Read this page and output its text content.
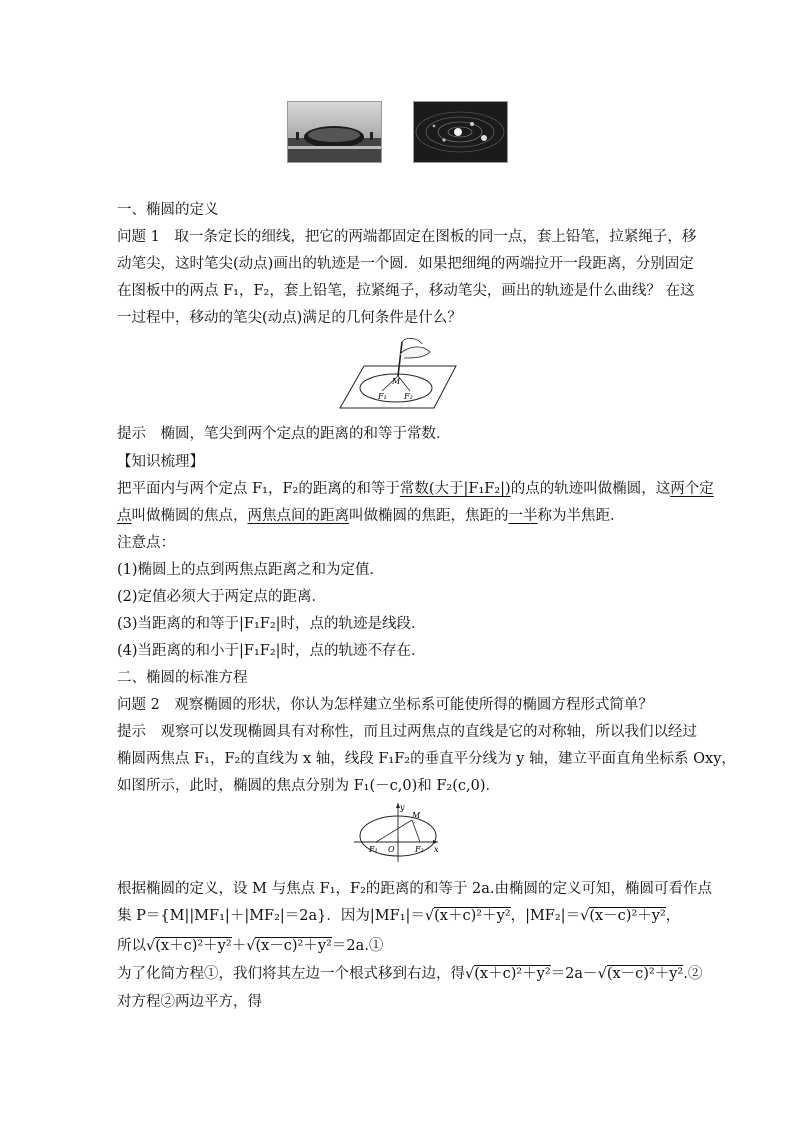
一、椭圆的定义
问题 1　取一条定长的细线，把它的两端都固定在图板的同一点，套上铅笔，拉紧绳子，移
动笔尖，这时笔尖(动点)画出的轨迹是一个圆．如果把细绳的两端拉开一段距离，分别固定
在图板中的两点 F₁，F₂，套上铅笔，拉紧绳子，移动笔尖，画出的轨迹是什么曲线？ 在这
一过程中，移动的笔尖(动点)满足的几何条件是什么？
M
F₁ F₂
提示　椭圆，笔尖到两个定点的距离的和等于常数．
【知识梳理】
把平面内与两个定点 F₁，F₂的距离的和等于常数(大于|F₁F₂|)的点的轨迹叫做椭圆，这两个定
点叫做椭圆的焦点，两焦点间的距离叫做椭圆的焦距，焦距的一半称为半焦距．
注意点：
(1)椭圆上的点到两焦点距离之和为定值．
(2)定值必须大于两定点的距离．
(3)当距离的和等于|F₁F₂|时，点的轨迹是线段．
(4)当距离的和小于|F₁F₂|时，点的轨迹不存在．
二、椭圆的标准方程
问题 2　观察椭圆的形状，你认为怎样建立坐标系可能使所得的椭圆方程形式简单？
提示　观察可以发现椭圆具有对称性，而且过两焦点的直线是它的对称轴，所以我们以经过
椭圆两焦点 F₁，F₂的直线为 x 轴，线段 F₁F₂的垂直平分线为 y 轴，建立平面直角坐标系 Oxy，
如图所示，此时，椭圆的焦点分别为 F₁(－c,0)和 F₂(c,0)．
y
x
M
O
F₁	F₂
根据椭圆的定义，设 M 与焦点 F₁，F₂的距离的和等于 2a.由椭圆的定义可知，椭圆可看作点
集 P＝{M||MF₁|＋|MF₂|＝2a}．因为|MF₁|＝√(x＋c)²＋y²，|MF₂|＝√(x－c)²＋y²，
所以√(x＋c)²＋y²＋√(x－c)²＋y²＝2a.①
为了化简方程①，我们将其左边一个根式移到右边，得√(x＋c)²＋y²＝2a－√(x－c)²＋y².②
对方程②两边平方，得
